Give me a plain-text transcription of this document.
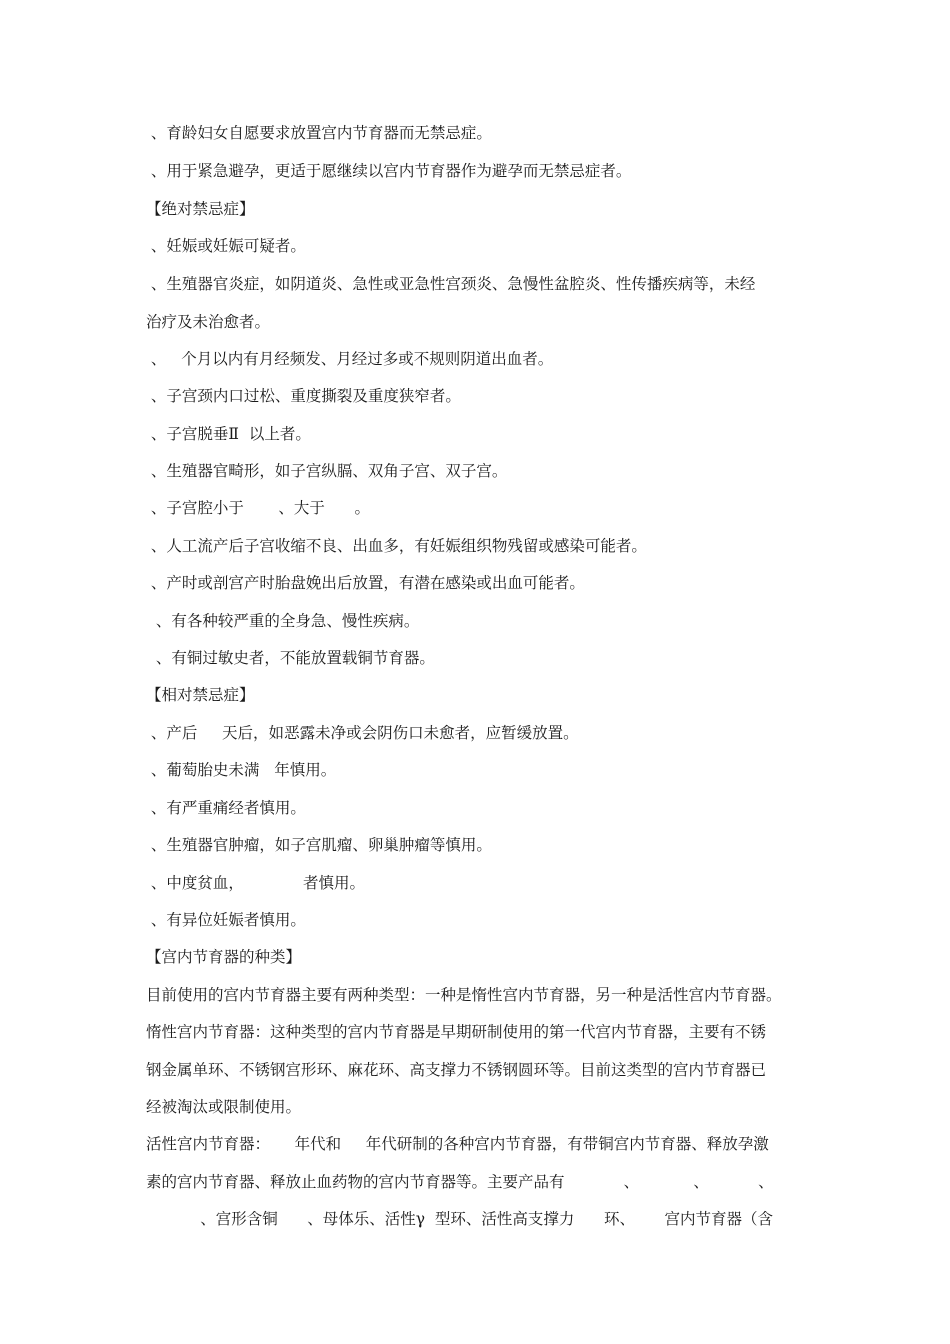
、育龄妇女自愿要求放置宫内节育器而无禁忌症。
、用于紧急避孕，更适于愿继续以宫内节育器作为避孕而无禁忌症者。
【绝对禁忌症】
、妊娠或妊娠可疑者。
、生殖器官炎症，如阴道炎、急性或亚急性宫颈炎、急慢性盆腔炎、性传播疾病等，未经
治疗及未治愈者。
、   个月以内有月经频发、月经过多或不规则阴道出血者。
、子宫颈内口过松、重度撕裂及重度狭窄者。
、子宫脱垂Ⅱ  以上者。
、生殖器官畸形，如子宫纵膈、双角子宫、双子宫。
、子宫腔小于       、大于      。
、人工流产后子宫收缩不良、出血多，有妊娠组织物残留或感染可能者。
、产时或剖宫产时胎盘娩出后放置，有潜在感染或出血可能者。
、有各种较严重的全身急、慢性疾病。
、有铜过敏史者，不能放置载铜节育器。
【相对禁忌症】
、产后     天后，如恶露未净或会阴伤口未愈者，应暂缓放置。
、葡萄胎史未满   年慎用。
、有严重痛经者慎用。
、生殖器官肿瘤，如子宫肌瘤、卵巢肿瘤等慎用。
、中度贫血，            者慎用。
、有异位妊娠者慎用。
【宫内节育器的种类】
目前使用的宫内节育器主要有两种类型：一种是惰性宫内节育器，另一种是活性宫内节育器。
惰性宫内节育器：这种类型的宫内节育器是早期研制使用的第一代宫内节育器，主要有不锈
钢金属单环、不锈钢宫形环、麻花环、高支撑力不锈钢圆环等。目前这类型的宫内节育器已
经被淘汰或限制使用。
活性宫内节育器：     年代和     年代研制的各种宫内节育器，有带铜宫内节育器、释放孕激
素的宫内节育器、释放止血药物的宫内节育器等。主要产品有            、           、          、
、宫形含铜      、母体乐、活性γ  型环、活性高支撑力      环、      宫内节育器（含
